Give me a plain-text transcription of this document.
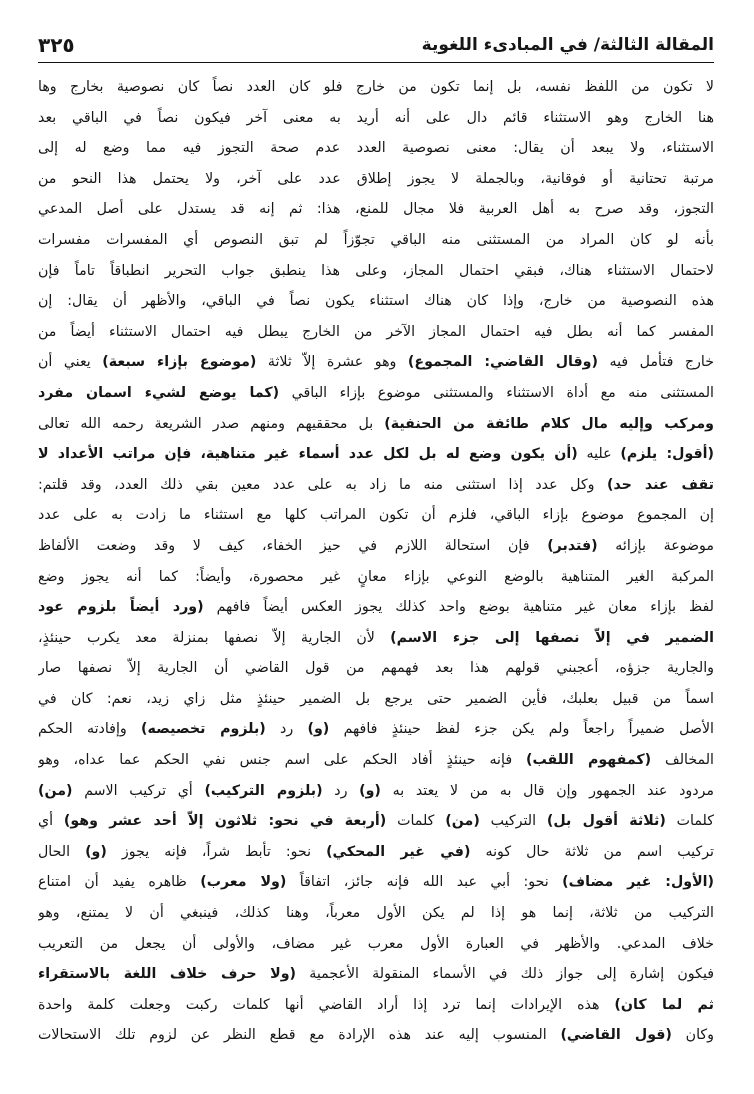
المقالة الثالثة/ في المبادىء اللغوية
٣٢٥
لا تكون من اللفظ نفسه، بل إنما تكون من خارج فلو كان العدد نصاً كان نصوصية بخارج وها
هنا الخارج وهو الاستثناء قائم دال على أنه أريد به معنى آخر فيكون نصاً في الباقي بعد
الاستثناء، ولا يبعد أن يقال: معنى نصوصية العدد عدم صحة التجوز فيه مما وضع له إلى
مرتبة تحتانية أو فوقانية، وبالجملة لا يجوز إطلاق عدد على آخر، ولا يحتمل هذا النحو من
التجوز، وقد صرح به أهل العربية فلا مجال للمنع، هذا: ثم إنه قد يستدل على أصل المدعي
بأنه لو كان المراد من المستثنى منه الباقي تجوّزاً لم تبق النصوص أي المفسرات مفسرات
لاحتمال الاستثناء هناك، فبقي احتمال المجاز، وعلى هذا ينطبق جواب التحرير انطباقاً تاماً فإن
هذه النصوصية من خارج، وإذا كان هناك استثناء يكون نصاً في الباقي، والأظهر أن يقال: إن
المفسر كما أنه بطل فيه احتمال المجاز الآخر من الخارج يبطل فيه احتمال الاستثناء أيضاً من
خارج فتأمل فيه (وقال القاضي: المجموع) وهو عشرة إلاّ ثلاثة (موضوع بإزاء سبعة) يعني أن
المستثنى منه مع أداة الاستثناء والمستثنى موضوع بإزاء الباقي (كما يوضع لشيء اسمان مفرد
ومركب وإليه مال كلام طائفة من الحنفية) بل محققيهم ومنهم صدر الشريعة رحمه الله تعالى
(أقول: يلزم) عليه (أن يكون وضع له بل لكل عدد أسماء غير متناهية، فإن مراتب الأعداد لا
تقف عند حد) وكل عدد إذا استثنى منه ما زاد به على عدد معين بقي ذلك العدد، وقد قلتم:
إن المجموع موضوع بإزاء الباقي، فلزم أن تكون المراتب كلها مع استثناء ما زادت به على عدد
موضوعة بإزائه (فتدبر) فإن استحالة اللازم في حيز الخفاء، كيف لا وقد وضعت الألفاظ
المركبة الغير المتناهية بالوضع النوعي بإزاء معانٍ غير محصورة، وأيضاً: كما أنه يجوز وضع
لفظ بإزاء معان غير متناهية بوضع واحد كذلك يجوز العكس أيضاً فافهم (ورد أيضاً بلزوم عود
الضمير في إلاّ نصفها إلى جزء الاسم) لأن الجارية إلاّ نصفها بمنزلة معد يكرب حينئذٍ،
والجارية جزؤه، أعجبني قولهم هذا بعد فهمهم من قول القاضي أن الجارية إلاّ نصفها صار
اسماً من قبيل بعلبك، فأين الضمير حتى يرجع بل الضمير حينئذٍ مثل زاي زيد، نعم: كان في
الأصل ضميراً راجعاً ولم يكن جزء لفظ حينئذٍ فافهم (و) رد (بلزوم تخصيصه) وإفادته الحكم
المخالف (كمفهوم اللقب) فإنه حينئذٍ أفاد الحكم على اسم جنس نفي الحكم عما عداه، وهو
مردود عند الجمهور وإن قال به من لا يعتد به (و) رد (بلزوم التركيب) أي تركيب الاسم (من)
كلمات (ثلاثة أقول بل) التركيب (من) كلمات (أربعة في نحو: ثلاثون إلاّ أحد عشر وهو) أي
تركيب اسم من ثلاثة حال كونه (في غير المحكي) نحو: تأبط شراً، فإنه يجوز (و) الحال
(الأول: غير مضاف) نحو: أبي عبد الله فإنه جائز، اتفاقاً (ولا معرب) ظاهره يفيد أن امتناع
التركيب من ثلاثة، إنما هو إذا لم يكن الأول معرباً، وهنا كذلك، فينبغي أن لا يمتنع، وهو
خلاف المدعي. والأظهر في العبارة الأول معرب غير مضاف، والأولى أن يجعل من التعريب
فيكون إشارة إلى جواز ذلك في الأسماء المنقولة الأعجمية (ولا حرف خلاف اللغة بالاستقراء
ثم لما كان) هذه الإيرادات إنما ترد إذا أراد القاضي أنها كلمات ركبت وجعلت كلمة واحدة
وكان (قول القاضي) المنسوب إليه عند هذه الإرادة مع قطع النظر عن لزوم تلك الاستحالات
